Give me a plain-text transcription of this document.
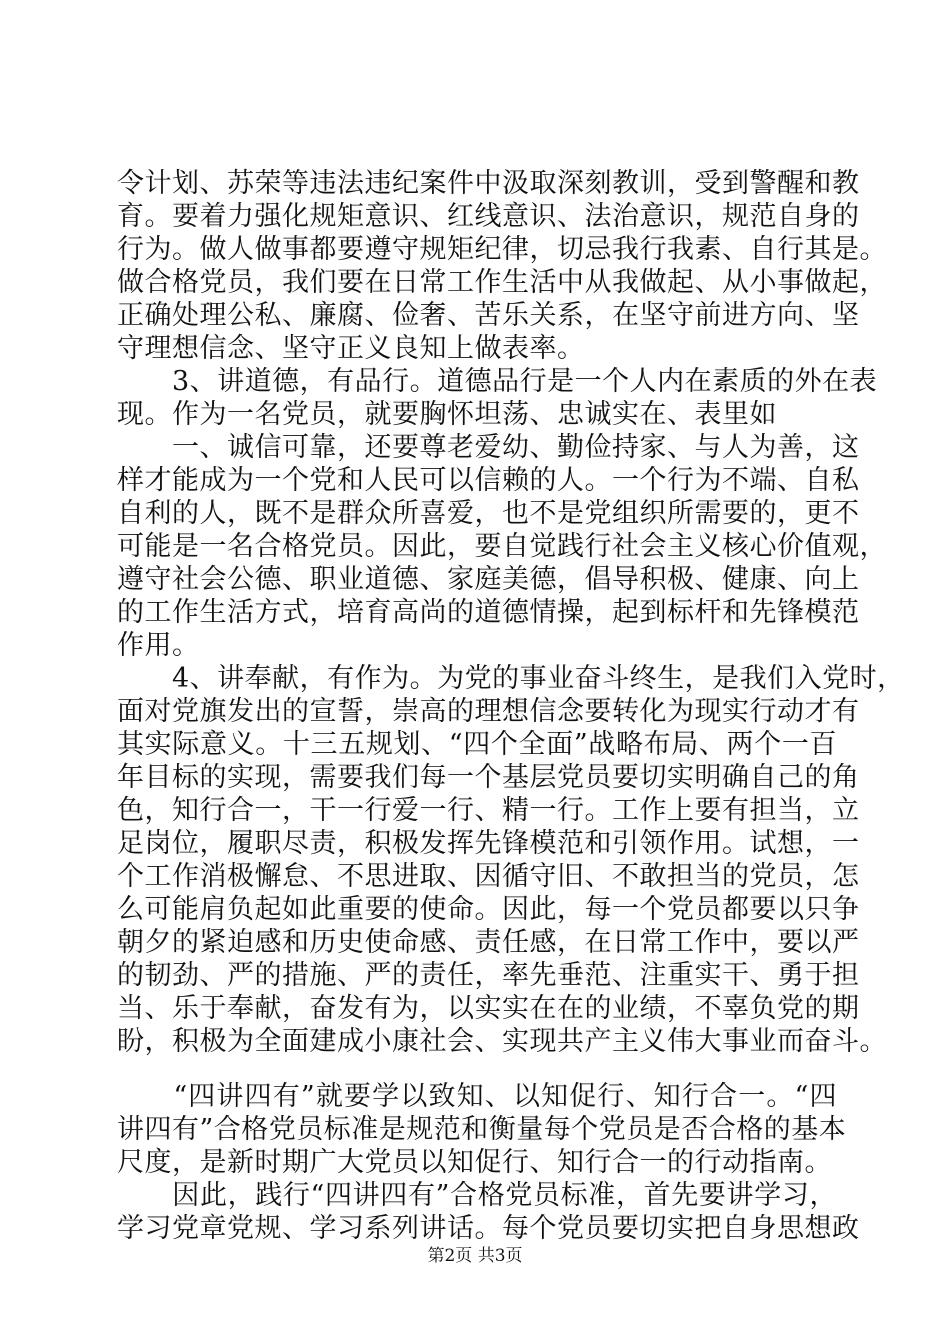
令计划、苏荣等违法违纪案件中汲取深刻教训，受到警醒和教
育。要着力强化规矩意识、红线意识、法治意识，规范自身的
行为。做人做事都要遵守规矩纪律，切忌我行我素、自行其是。
做合格党员，我们要在日常工作生活中从我做起、从小事做起，
正确处理公私、廉腐、俭奢、苦乐关系，在坚守前进方向、坚
守理想信念、坚守正义良知上做表率。
　　3、讲道德，有品行。道德品行是一个人内在素质的外在表
现。作为一名党员，就要胸怀坦荡、忠诚实在、表里如
　　一、诚信可靠，还要尊老爱幼、勤俭持家、与人为善，这
样才能成为一个党和人民可以信赖的人。一个行为不端、自私
自利的人，既不是群众所喜爱，也不是党组织所需要的，更不
可能是一名合格党员。因此，要自觉践行社会主义核心价值观，
遵守社会公德、职业道德、家庭美德，倡导积极、健康、向上
的工作生活方式，培育高尚的道德情操，起到标杆和先锋模范
作用。
　　4、讲奉献，有作为。为党的事业奋斗终生，是我们入党时，
面对党旗发出的宣誓，崇高的理想信念要转化为现实行动才有
其实际意义。十三五规划、“四个全面”战略布局、两个一百
年目标的实现，需要我们每一个基层党员要切实明确自己的角
色，知行合一，干一行爱一行、精一行。工作上要有担当，立
足岗位，履职尽责，积极发挥先锋模范和引领作用。试想，一
个工作消极懈怠、不思进取、因循守旧、不敢担当的党员，怎
么可能肩负起如此重要的使命。因此，每一个党员都要以只争
朝夕的紧迫感和历史使命感、责任感，在日常工作中，要以严
的韧劲、严的措施、严的责任，率先垂范、注重实干、勇于担
当、乐于奉献，奋发有为，以实实在在的业绩，不辜负党的期
盼，积极为全面建成小康社会、实现共产主义伟大事业而奋斗。
　　“四讲四有”就要学以致知、以知促行、知行合一。“四
讲四有”合格党员标准是规范和衡量每个党员是否合格的基本
尺度，是新时期广大党员以知促行、知行合一的行动指南。
　　因此，践行“四讲四有”合格党员标准，首先要讲学习，
学习党章党规、学习系列讲话。每个党员要切实把自身思想政
第2页 共3页
